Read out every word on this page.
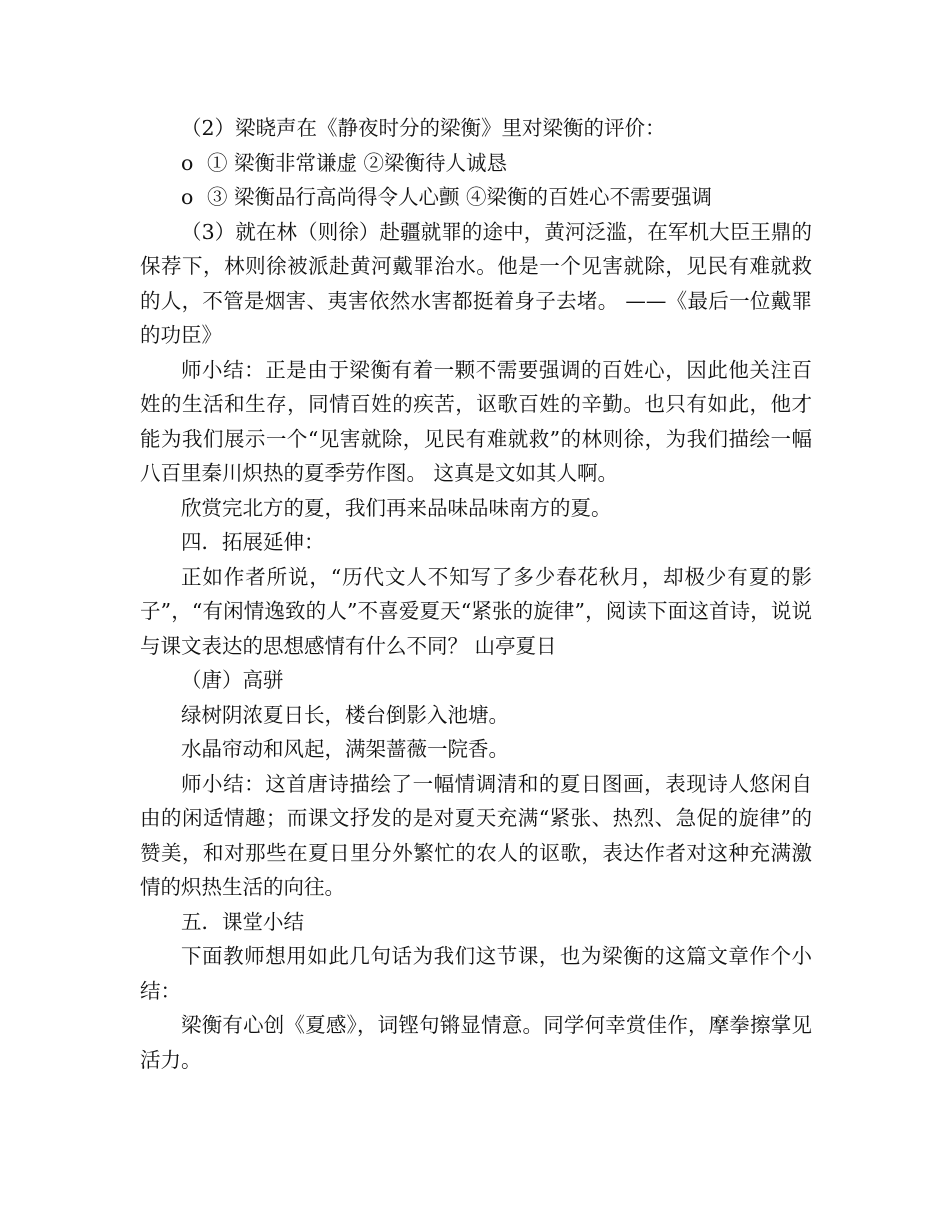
（2）梁晓声在《静夜时分的梁衡》里对梁衡的评价：

o ① 梁衡非常谦虚 ②梁衡待人诚恳
o ③ 梁衡品行高尚得令人心颤 ④梁衡的百姓心不需要强调

（3）就在林（则徐）赴疆就罪的途中，黄河泛滥，在军机大臣王鼎的保荐下，林则徐被派赴黄河戴罪治水。他是一个见害就除，见民有难就救的人，不管是烟害、夷害依然水害都挺着身子去堵。 ——《最后一位戴罪的功臣》

师小结：正是由于梁衡有着一颗不需要强调的百姓心，因此他关注百姓的生活和生存，同情百姓的疾苦，讴歌百姓的辛勤。也只有如此，他才能为我们展示一个“见害就除，见民有难就救”的林则徐，为我们描绘一幅八百里秦川炽热的夏季劳作图。 这真是文如其人啊。

欣赏完北方的夏，我们再来品味品味南方的夏。

四．拓展延伸：

正如作者所说，“历代文人不知写了多少春花秋月，却极少有夏的影子”，“有闲情逸致的人”不喜爱夏天“紧张的旋律”，阅读下面这首诗，说说与课文表达的思想感情有什么不同？ 山亭夏日

（唐）高骈

绿树阴浓夏日长，楼台倒影入池塘。

水晶帘动和风起，满架蔷薇一院香。

师小结：这首唐诗描绘了一幅情调清和的夏日图画，表现诗人悠闲自由的闲适情趣；而课文抒发的是对夏天充满“紧张、热烈、急促的旋律”的赞美，和对那些在夏日里分外繁忙的农人的讴歌，表达作者对这种充满激情的炽热生活的向往。

五．课堂小结

下面教师想用如此几句话为我们这节课，也为梁衡的这篇文章作个小结：

梁衡有心创《夏感》，词铿句锵显情意。同学何幸赏佳作，摩拳擦掌见活力。
